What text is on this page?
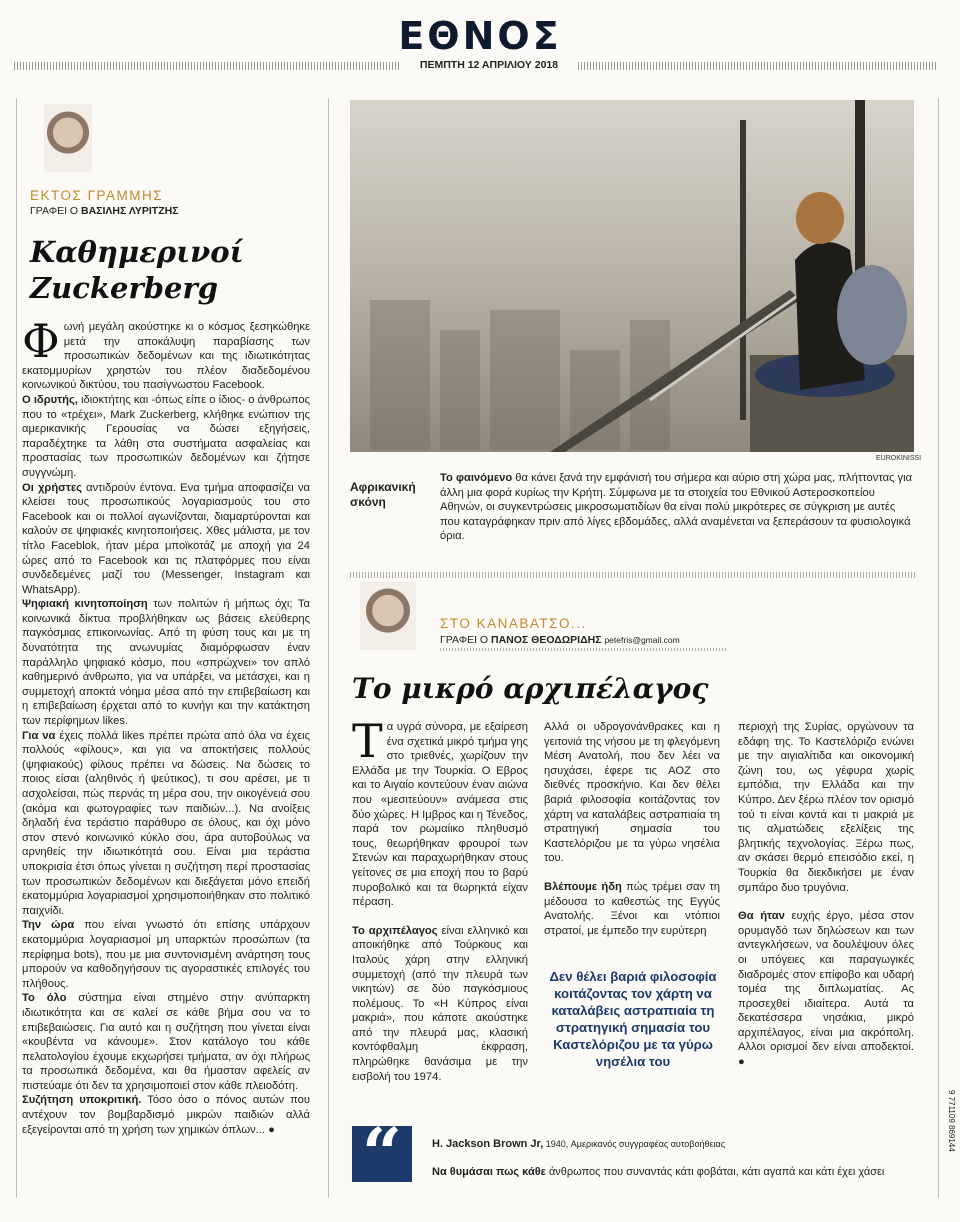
ΕΘΝΟΣ
ΠΕΜΠΤΗ 12 ΑΠΡΙΛΙΟΥ 2018
ΕΚΤΟΣ ΓΡΑΜΜΗΣ
ΓΡΑΦΕΙ Ο ΒΑΣΙΛΗΣ ΛΥΡΙΤΖΗΣ
Καθημερινοί
Zuckerberg

Φωνή μεγάλη ακούστηκε κι ο κόσμος ξεσηκώθηκε μετά την αποκάλυψη παραβίασης των προσωπικών δεδομένων και της ιδιωτικότητας εκατομμυρίων χρηστών του πλέον διαδεδομένου κοινωνικού δικτύου, του πασίγνωστου Facebook.

Ο ιδρυτής, ιδιοκτήτης και -όπως είπε ο ίδιος- ο άνθρωπος που το «τρέχει», Mark Zuckerberg, κλήθηκε ενώπιον της αμερικανικής Γερουσίας να δώσει εξηγήσεις, παραδέχτηκε τα λάθη στα συστήματα ασφαλείας και προστασίας των προσωπικών δεδομένων και ζήτησε συγγνώμη.

Οι χρήστες αντιδρούν έντονα. Ενα τμήμα αποφασίζει να κλείσει τους προσωπικούς λογαριασμούς του στο Facebook και οι πολλοί αγωνίζονται, διαμαρτύρονται και καλούν σε ψηφιακές κινητοποιήσεις. Χθες μάλιστα, με τον τίτλο Faceblok, ήταν μέρα μποϊκοτάζ με αποχή για 24 ώρες από το Facebook και τις πλατφόρμες που είναι συνδεδεμένες μαζί του (Messenger, Instagram και WhatsApp).

Ψηφιακή κινητοποίηση των πολιτών ή μήπως όχι; Τα κοινωνικά δίκτυα προβλήθηκαν ως βάσεις ελεύθερης παγκόσμιας επικοινωνίας. Από τη φύση τους και με τη δυνατότητα της ανωνυμίας διαμόρφωσαν έναν παράλληλο ψηφιακό κόσμο, που «σπρώχνει» τον απλό καθημερινό άνθρωπο, για να υπάρξει, να μετάσχει, και η συμμετοχή αποκτά νόημα μέσα από την επιβεβαίωση και η επιβεβαίωση έρχεται από το κυνήγι και την κατάκτηση των περίφημων likes.

Για να έχεις πολλά likes πρέπει πρώτα από όλα να έχεις πολλούς «φίλους», και για να αποκτήσεις πολλούς (ψηφιακούς) φίλους πρέπει να δώσεις. Να δώσεις το ποιος είσαι (αληθινός ή ψεύτικος), τι σου αρέσει, με τι ασχολείσαι, πώς περνάς τη μέρα σου, την οικογένειά σου (ακόμα και φωτογραφίες των παιδιών...). Να ανοίξεις δηλαδή ένα τεράστιο παράθυρο σε όλους, και όχι μόνο στον στενό κοινωνικό κύκλο σου, άρα αυτοβούλως να αρνηθείς την ιδιωτικότητά σου. Είναι μια τεράστια υποκρισία έτσι όπως γίνεται η συζήτηση περί προστασίας των προσωπικών δεδομένων και διεξάγεται μόνο επειδή εκατομμύρια λογαριασμοί χρησιμοποιήθηκαν στο πολιτικό παιχνίδι.

Την ώρα που είναι γνωστό ότι επίσης υπάρχουν εκατομμύρια λογαριασμοί μη υπαρκτών προσώπων (τα περίφημα bots), που με μια συντονισμένη ανάρτηση τους μπορούν να καθοδηγήσουν τις αγοραστικές επιλογές του πλήθους.

Το όλο σύστημα είναι στημένο στην ανύπαρκτη ιδιωτικότητα και σε καλεί σε κάθε βήμα σου να το επιβεβαιώσεις. Για αυτό και η συζήτηση που γίνεται είναι «κουβέντα να κάνουμε». Στον κατάλογο του κάθε πελατολογίου έχουμε εκχωρήσει τμήματα, αν όχι πλήρως τα προσωπικά δεδομένα, και θα ήμασταν αφελείς αν πιστεύαμε ότι δεν τα χρησιμοποιεί στον κάθε πλειοδότη.

Συζήτηση υποκριτική. Τόσο όσο ο πόνος αυτών που αντέχουν τον βομβαρδισμό μικρών παιδιών αλλά εξεγείρονται από τη χρήση των χημικών όπλων... ●

EUROKINISSI
Αφρικανική σκόνη
Το φαινόμενο θα κάνει ξανά την εμφάνισή του σήμερα και αύριο στη χώρα μας, πλήττοντας για άλλη μια φορά κυρίως την Κρήτη. Σύμφωνα με τα στοιχεία του Εθνικού Αστεροσκοπείου Αθηνών, οι συγκεντρώσεις μικροσωματιδίων θα είναι πολύ μικρότερες σε σύγκριση με αυτές που καταγράφηκαν πριν από λίγες εβδομάδες, αλλά αναμένεται να ξεπεράσουν τα φυσιολογικά όρια.
ΣΤΟ ΚΑΝΑΒΑΤΣΟ...
ΓΡΑΦΕΙ Ο ΠΑΝΟΣ ΘΕΟΔΩΡΙΔΗΣ petefris@gmail.com
Το μικρό αρχιπέλαγος

Τα υγρά σύνορα, με εξαίρεση ένα σχετικά μικρό τμήμα γης στο τριεθνές, χωρίζουν την Ελλάδα με την Τουρκία. Ο Εβρος και το Αιγαίο κοντεύουν έναν αιώνα που «μεσιτεύουν» ανάμεσα στις δύο χώρες. Η Ιμβρος και η Τένεδος, παρά τον ρωμαίικο πληθυσμό τους, θεωρήθηκαν φρουροί των Στενών και παραχωρήθηκαν στους γείτονες σε μια εποχή που το βαρύ πυροβολικό και τα θωρηκτά είχαν πέραση.

Το αρχιπέλαγος είναι ελληνικό και αποικήθηκε από Τούρκους και Ιταλούς χάρη στην ελληνική συμμετοχή (από την πλευρά των νικητών) σε δύο παγκόσμιους πολέμους. Το «Η Κύπρος είναι μακριά», που κάποτε ακούστηκε από την πλευρά μας, κλασική κοντόφθαλμη έκφραση, πληρώθηκε θανάσιμα με την εισβολή του 1974.

Αλλά οι υδρογονάνθρακες και η γειτονιά της νήσου με τη φλεγόμενη Μέση Ανατολή, που δεν λέει να ησυχάσει, έφερε τις ΑΟΖ στο διεθνές προσκήνιο. Και δεν θέλει βαριά φιλοσοφία κοιτάζοντας τον χάρτη να καταλάβεις αστραπιαία τη στρατηγική σημασία του Καστελόριζου με τα γύρω νησέλια του.

Βλέπουμε ήδη πώς τρέμει σαν τη μέδουσα το καθεστώς της Εγγύς Ανατολής. Ξένοι και ντόπιοι στρατοί, με έμπεδο την ευρύτερη

Δεν θέλει βαριά φιλοσοφία κοιτάζοντας τον χάρτη να καταλάβεις αστραπιαία τη στρατηγική σημασία του Καστελόριζου με τα γύρω νησέλια του

περιοχή της Συρίας, οργώνουν τα εδάφη της. Το Καστελόριζο ενώνει με την αιγιαλίτιδα και οικονομική ζώνη του, ως γέφυρα χωρίς εμπόδια, την Ελλάδα και την Κύπρο. Δεν ξέρω πλέον τον ορισμό τού τι είναι κοντά και τι μακριά με τις αλματώδεις εξελίξεις της βλητικής τεχνολογίας. Ξέρω πως, αν σκάσει θερμό επεισόδιο εκεί, η Τουρκία θα διεκδικήσει με έναν σμπάρο δυο τρυγόνια.

Θα ήταν ευχής έργο, μέσα στον ορυμαγδό των δηλώσεων και των αντεγκλήσεων, να δουλέψουν όλες οι υπόγειες και παραγωγικές διαδρομές στον επίφοβο και υδαρή τομέα της διπλωματίας. Ας προσεχθεί ιδιαίτερα. Αυτά τα δεκατέσσερα νησάκια, μικρό αρχιπέλαγος, είναι μια ακρόπολη. Αλλοι ορισμοί δεν είναι αποδεκτοί. ●

“	H. Jackson Brown Jr, 1940, Αμερικανός συγγραφέας αυτοβοήθειας
Να θυμάσαι πως κάθε άνθρωπος που συναντάς κάτι φοβάται, κάτι αγαπά και κάτι έχει χάσει
9 771109 869144
